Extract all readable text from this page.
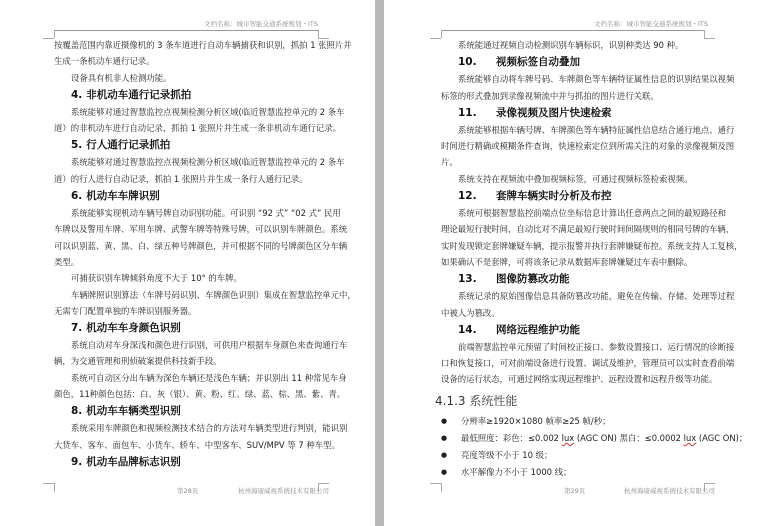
文档名称：城市智能交通系统规划・ITS
按覆盖范围内靠近摄像机的 3 条车道进行自动车辆捕获和识别，抓拍 1 张照片并
生成一条机动车通行记录。
设备具有机非人检测功能。
4. 非机动车通行记录抓拍
系统能够对通过智慧监控点视频检测分析区域(临近智慧监控单元的 2 条车
道）的非机动车进行自动记录，抓拍 1 张照片并生成一条非机动车通行记录。
5. 行人通行记录抓拍
系统能够对通过智慧监控点视频检测分析区域(临近智慧监控单元的 2 条车
道）的行人进行自动记录，抓拍 1 张照片并生成一条行人通行记录。
6. 机动车车牌识别
系统能够实现机动车辆号牌自动识别功能。可识别 “92 式” “02 式” 民用
车牌以及警用车牌、军用车牌、武警车牌等特殊号牌，可以识别车牌颜色。系统
可以识别蓝、黄、黑、白、绿五种号牌颜色，并可根据不同的号牌颜色区分车辆
类型。
可捕获识别车牌倾斜角度不大于 10° 的车牌。
车辆牌照识别算法（车牌号码识别、车牌颜色识别）集成在智慧监控单元中，
无需专门配置单独的车牌识别服务器。
7. 机动车车身颜色识别
系统自动对车身深浅和颜色进行识别，可供用户根据车身颜色来查询通行车
辆，为交通管理和刑侦破案提供科技新手段。
系统可自动区分出车辆为深色车辆还是浅色车辆；并识别出 11 种常见车身
颜色，11种颜色包括：白、灰（银）、黄、粉、红、绿、蓝、棕、黑、紫、青。
8. 机动车车辆类型识别
系统采用车牌颜色和视频检测技术结合的方法对车辆类型进行判别，能识别
大货车、客车、面包车、小货车、轿车、中型客车、SUV/MPV 等 7 种车型。
9. 机动车品牌标志识别
第28页	杭州海康威视系统技术有限公司
文档名称：城市智能交通系统规划・ITS
系统能通过视频自动检测识别车辆标识，识别种类达 90 种。
10. 视频标签自动叠加
系统能够自动将车牌号码、车牌颜色等车辆特征属性信息的识别结果以视频
标签的形式叠加到录像视频流中并与抓拍的图片进行关联。
11. 录像视频及图片快速检索
系统能够根据车辆号牌、车牌颜色等车辆特征属性信息结合通行地点、通行
时间进行精确或模糊条件查询，快速检索定位到所需关注的对象的录像视频及图
片。
系统支持在视频流中叠加视频标签，可通过视频标签检索视频。
12. 套牌车辆实时分析及布控
系统可根据智慧监控前端点位坐标信息计算出任意两点之间的最短路径和
理论最短行驶时间，自动比对不满足最短行驶时间间隔规则的相同号牌的车辆，
实时发现锁定套牌嫌疑车辆，提示报警并执行套牌嫌疑布控。系统支持人工复核，
如果确认不是套牌，可将该条记录从数据库套牌嫌疑过车表中删除。
13. 图像防篡改功能
系统记录的原始图像信息具备防篡改功能，避免在传输、存储、处理等过程
中被人为篡改。
14. 网络远程维护功能
前端智慧监控单元预留了时间校正接口、参数设置接口、运行情况的诊断接
口和恢复接口，可对前端设备进行设置、调试及维护，管理员可以实时查看前端
设备的运行状态，可通过网络实现远程维护、远程设置和远程升级等功能。
4.1.3 系统性能
● 分辨率≥1920×1080 帧率≥25 帧/秒；
● 最低照度：彩色：≤0.002 lux (AGC ON) 黑白：≤0.0002 lux (AGC ON)；
● 亮度等级不小于 10 级；
● 水平解像力不小于 1000 线；
第29页	杭州海康威视系统技术有限公司
